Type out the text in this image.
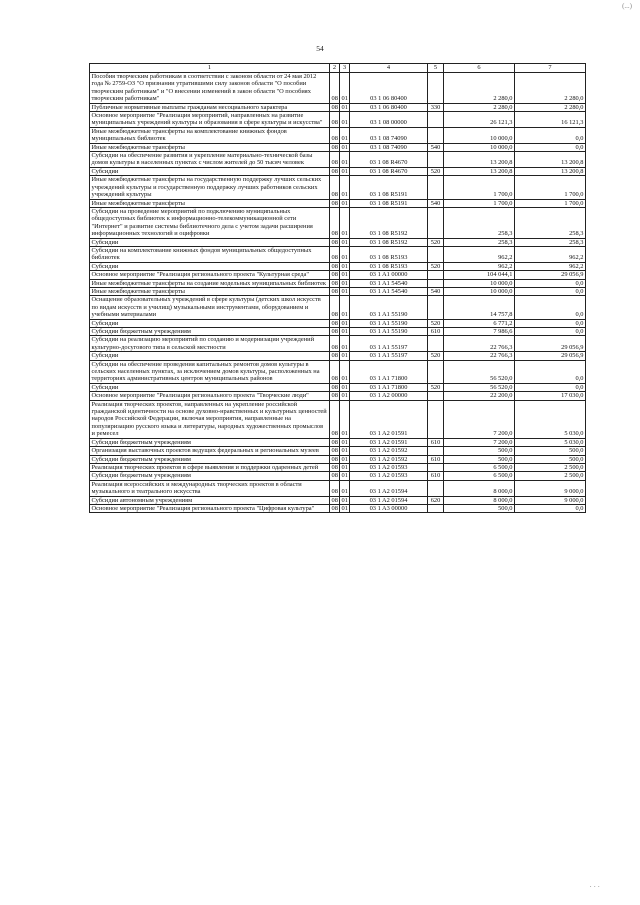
(...)
54
1	2	3	4	5	6	7
Пособия творческим работникам в соответствии с законом области от 24 мая 2012 года № 2759-ОЗ "О признании утратившими силу законов области "О пособии творческим работникам" и "О внесении изменений в закон области "О пособиях творческим работникам"	08	01	03 1 06 80400		2 280,0	2 280,0
Публичные нормативные выплаты гражданам несоциального характера	08	01	03 1 06 80400	330	2 280,0	2 280,0
Основное мероприятие "Реализация мероприятий, направленных на развитие муниципальных учреждений культуры и образования в сфере культуры и искусства"	08	01	03 1 08 00000		26 121,3	16 121,3
Иные межбюджетные трансферты на комплектование книжных фондов муниципальных библиотек	08	01	03 1 08 74090		10 000,0	0,0
Иные межбюджетные трансферты	08	01	03 1 08 74090	540	10 000,0	0,0
Субсидии на обеспечение развития и укрепление материально-технической базы домов культуры в населенных пунктах с числом жителей до 50 тысяч человек	08	01	03 1 08 R4670		13 200,8	13 200,8
Субсидии	08	01	03 1 08 R4670	520	13 200,8	13 200,8
Иные межбюджетные трансферты на государственную поддержку лучших сельских учреждений культуры и государственную поддержку лучших работников сельских учреждений культуры	08	01	03 1 08 R5191		1 700,0	1 700,0
Иные межбюджетные трансферты	08	01	03 1 08 R5191	540	1 700,0	1 700,0
Субсидии на проведение мероприятий по подключению муниципальных общедоступных библиотек к информационно-телекоммуникационной сети "Интернет" и развитие системы библиотечного дела с учетом задачи расширения информационных технологий и оцифровки	08	01	03 1 08 R5192		258,3	258,3
Субсидии	08	01	03 1 08 R5192	520	258,3	258,3
Субсидии на комплектование книжных фондов муниципальных общедоступных библиотек	08	01	03 1 08 R5193		962,2	962,2
Субсидии	08	01	03 1 08 R5193	520	962,2	962,2
Основное мероприятие "Реализация регионального проекта "Культурная среда"	08	01	03 1 A1 00000		104 044,1	29 056,9
Иные межбюджетные трансферты на создание модельных муниципальных библиотек	08	01	03 1 A1 54540		10 000,0	0,0
Иные межбюджетные трансферты	08	01	03 1 A1 54540	540	10 000,0	0,0
Оснащение образовательных учреждений в сфере культуры (детских школ искусств по видам искусств и училищ) музыкальными инструментами, оборудованием и учебными материалами	08	01	03 1 A1 55190		14 757,8	0,0
Субсидии	08	01	03 1 A1 55190	520	6 771,2	0,0
Субсидии бюджетным учреждениям	08	01	03 1 A1 55190	610	7 986,6	0,0
Субсидии на реализацию мероприятий по созданию и модернизации учреждений культурно-досугового типа в сельской местности	08	01	03 1 A1 55197		22 766,3	29 056,9
Субсидии	08	01	03 1 A1 55197	520	22 766,3	29 056,9
Субсидии на обеспечение проведения капитальных ремонтов домов культуры в сельских населенных пунктах, за исключением домов культуры, расположенных на территориях административных центров муниципальных районов	08	01	03 1 A1 71800		56 520,0	0,0
Субсидии	08	01	03 1 A1 71800	520	56 520,0	0,0
Основное мероприятие "Реализация регионального проекта "Творческие люди"	08	01	03 1 A2 00000		22 200,0	17 030,0
Реализация творческих проектов, направленных на укрепление российской гражданской идентичности на основе духовно-нравственных и культурных ценностей народов Российской Федерации, включая мероприятия, направленные на популяризацию русского языка и литературы, народных художественных промыслов и ремесел	08	01	03 1 A2 01591		7 200,0	5 030,0
Субсидии бюджетным учреждениям	08	01	03 1 A2 01591	610	7 200,0	5 030,0
Организация выставочных проектов ведущих федеральных и региональных музеев	08	01	03 1 A2 01592		500,0	500,0
Субсидии бюджетным учреждениям	08	01	03 1 A2 01592	610	500,0	500,0
Реализация творческих проектов в сфере выявления и поддержки одаренных детей	08	01	03 1 A2 01593		6 500,0	2 500,0
Субсидии бюджетным учреждениям	08	01	03 1 A2 01593	610	6 500,0	2 500,0
Реализация всероссийских и международных творческих проектов в области музыкального и театрального искусства	08	01	03 1 A2 01594		8 000,0	9 000,0
Субсидии автономным учреждениям	08	01	03 1 A2 01594	620	8 000,0	9 000,0
Основное мероприятие "Реализация регионального проекта "Цифровая культура"	08	01	03 1 A3 00000		500,0	0,0
· · ·
